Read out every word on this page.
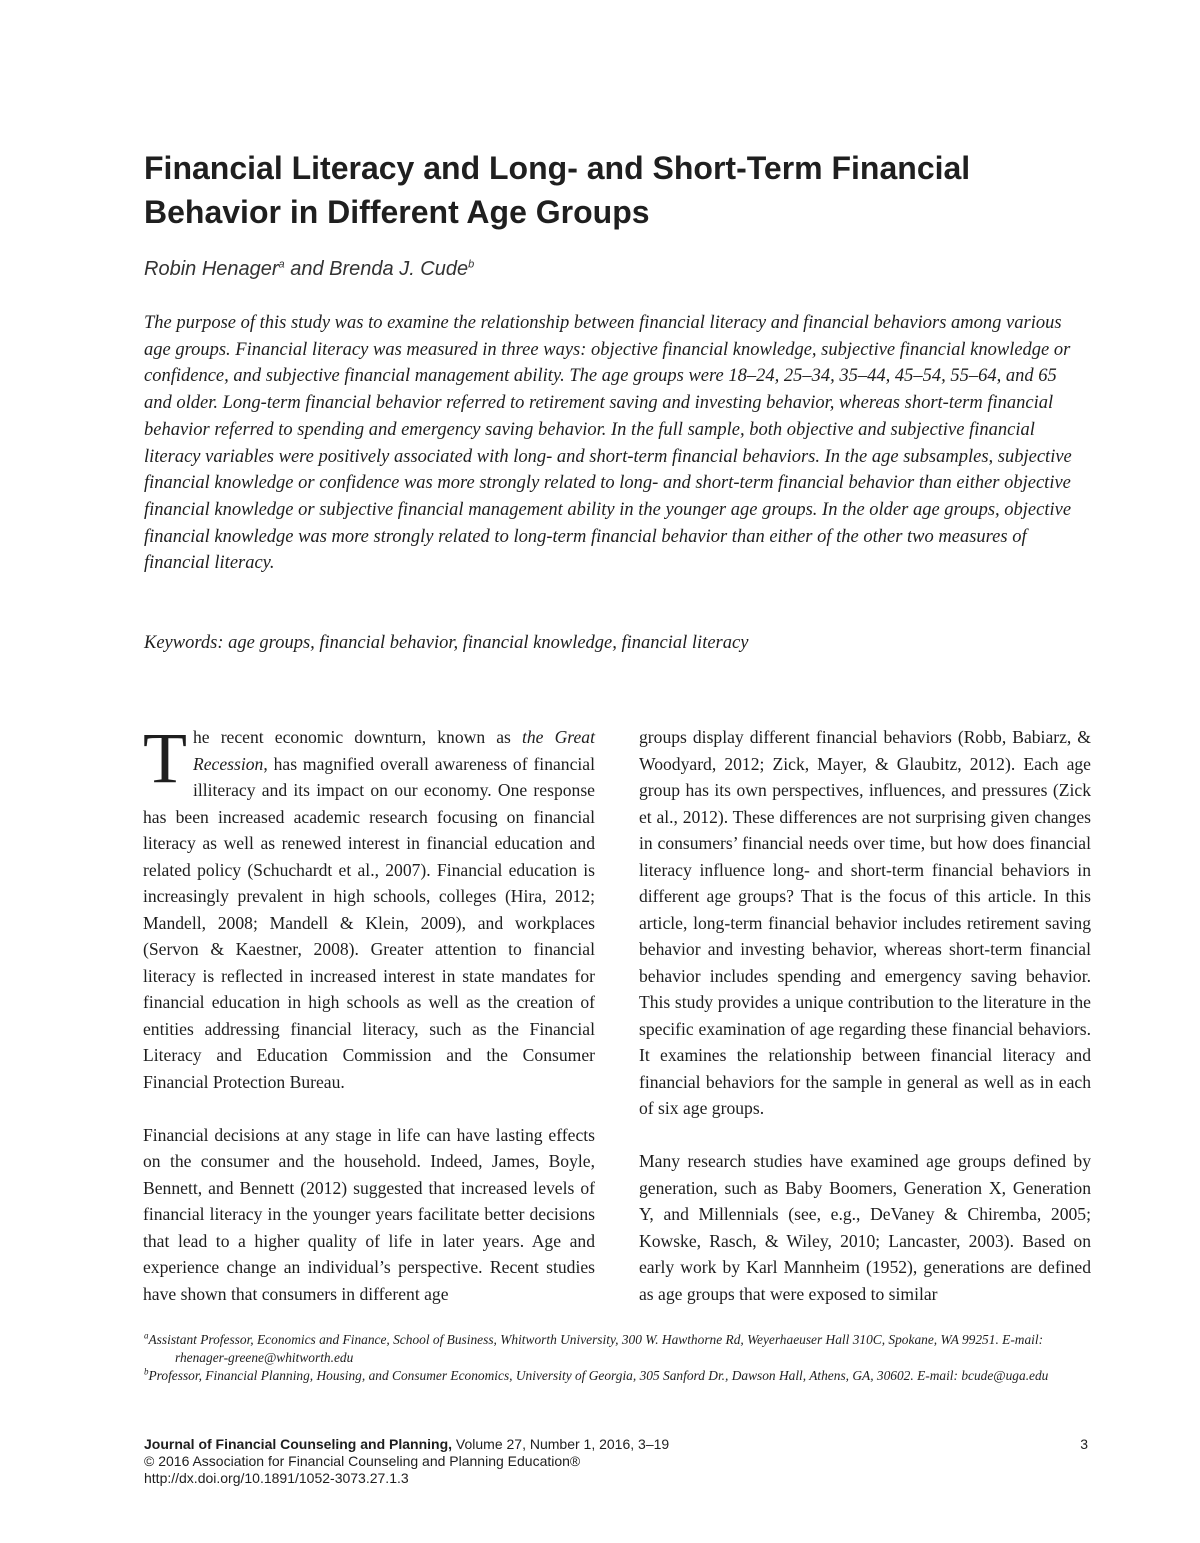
Financial Literacy and Long- and Short-Term Financial Behavior in Different Age Groups
Robin Henager$^a$ and Brenda J. Cude$^b$

The purpose of this study was to examine the relationship between financial literacy and financial behaviors among various age groups. Financial literacy was measured in three ways: objective financial knowledge, subjective financial knowledge or confidence, and subjective financial management ability. The age groups were 18–24, 25–34, 35–44, 45–54, 55–64, and 65 and older. Long-term financial behavior referred to retirement saving and investing behavior, whereas short-term financial behavior referred to spending and emergency saving behavior. In the full sample, both objective and subjective financial literacy variables were positively associated with long- and short-term financial behaviors. In the age subsamples, subjective financial knowledge or confidence was more strongly related to long- and short-term financial behavior than either objective financial knowledge or subjective financial management ability in the younger age groups. In the older age groups, objective financial knowledge was more strongly related to long-term financial behavior than either of the other two measures of financial literacy.

Keywords: age groups, financial behavior, financial knowledge, financial literacy

The recent economic downturn, known as the Great Recession, has magnified overall awareness of financial illiteracy and its impact on our economy. One response has been increased academic research focusing on financial literacy as well as renewed interest in financial education and related policy (Schuchardt et al., 2007). Financial education is increasingly prevalent in high schools, colleges (Hira, 2012; Mandell, 2008; Mandell & Klein, 2009), and workplaces (Servon & Kaestner, 2008). Greater attention to financial literacy is reflected in increased interest in state mandates for financial education in high schools as well as the creation of entities addressing financial literacy, such as the Financial Literacy and Education Commission and the Consumer Financial Protection Bureau.

Financial decisions at any stage in life can have lasting effects on the consumer and the household. Indeed, James, Boyle, Bennett, and Bennett (2012) suggested that increased levels of financial literacy in the younger years facilitate better decisions that lead to a higher quality of life in later years. Age and experience change an individual’s perspective. Recent studies have shown that consumers in different age

groups display different financial behaviors (Robb, Babiarz, & Woodyard, 2012; Zick, Mayer, & Glaubitz, 2012). Each age group has its own perspectives, influences, and pressures (Zick et al., 2012). These differences are not surprising given changes in consumers’ financial needs over time, but how does financial literacy influence long- and short-term financial behaviors in different age groups? That is the focus of this article. In this article, long-term financial behavior includes retirement saving behavior and investing behavior, whereas short-term financial behavior includes spending and emergency saving behavior. This study provides a unique contribution to the literature in the specific examination of age regarding these financial behaviors. It examines the relationship between financial literacy and financial behaviors for the sample in general as well as in each of six age groups.

Many research studies have examined age groups defined by generation, such as Baby Boomers, Generation X, Generation Y, and Millennials (see, e.g., DeVaney & Chiremba, 2005; Kowske, Rasch, & Wiley, 2010; Lancaster, 2003). Based on early work by Karl Mannheim (1952), generations are defined as age groups that were exposed to similar

$^a$Assistant Professor, Economics and Finance, School of Business, Whitworth University, 300 W. Hawthorne Rd, Weyerhaeuser Hall 310C, Spokane, WA 99251. E-mail: rhenager-greene@whitworth.edu

$^b$Professor, Financial Planning, Housing, and Consumer Economics, University of Georgia, 305 Sanford Dr., Dawson Hall, Athens, GA, 30602. E-mail: bcude@uga.edu

Journal of Financial Counseling and Planning, Volume 27, Number 1, 2016, 3–19	3

© 2016 Association for Financial Counseling and Planning Education®

http://dx.doi.org/10.1891/1052-3073.27.1.3
